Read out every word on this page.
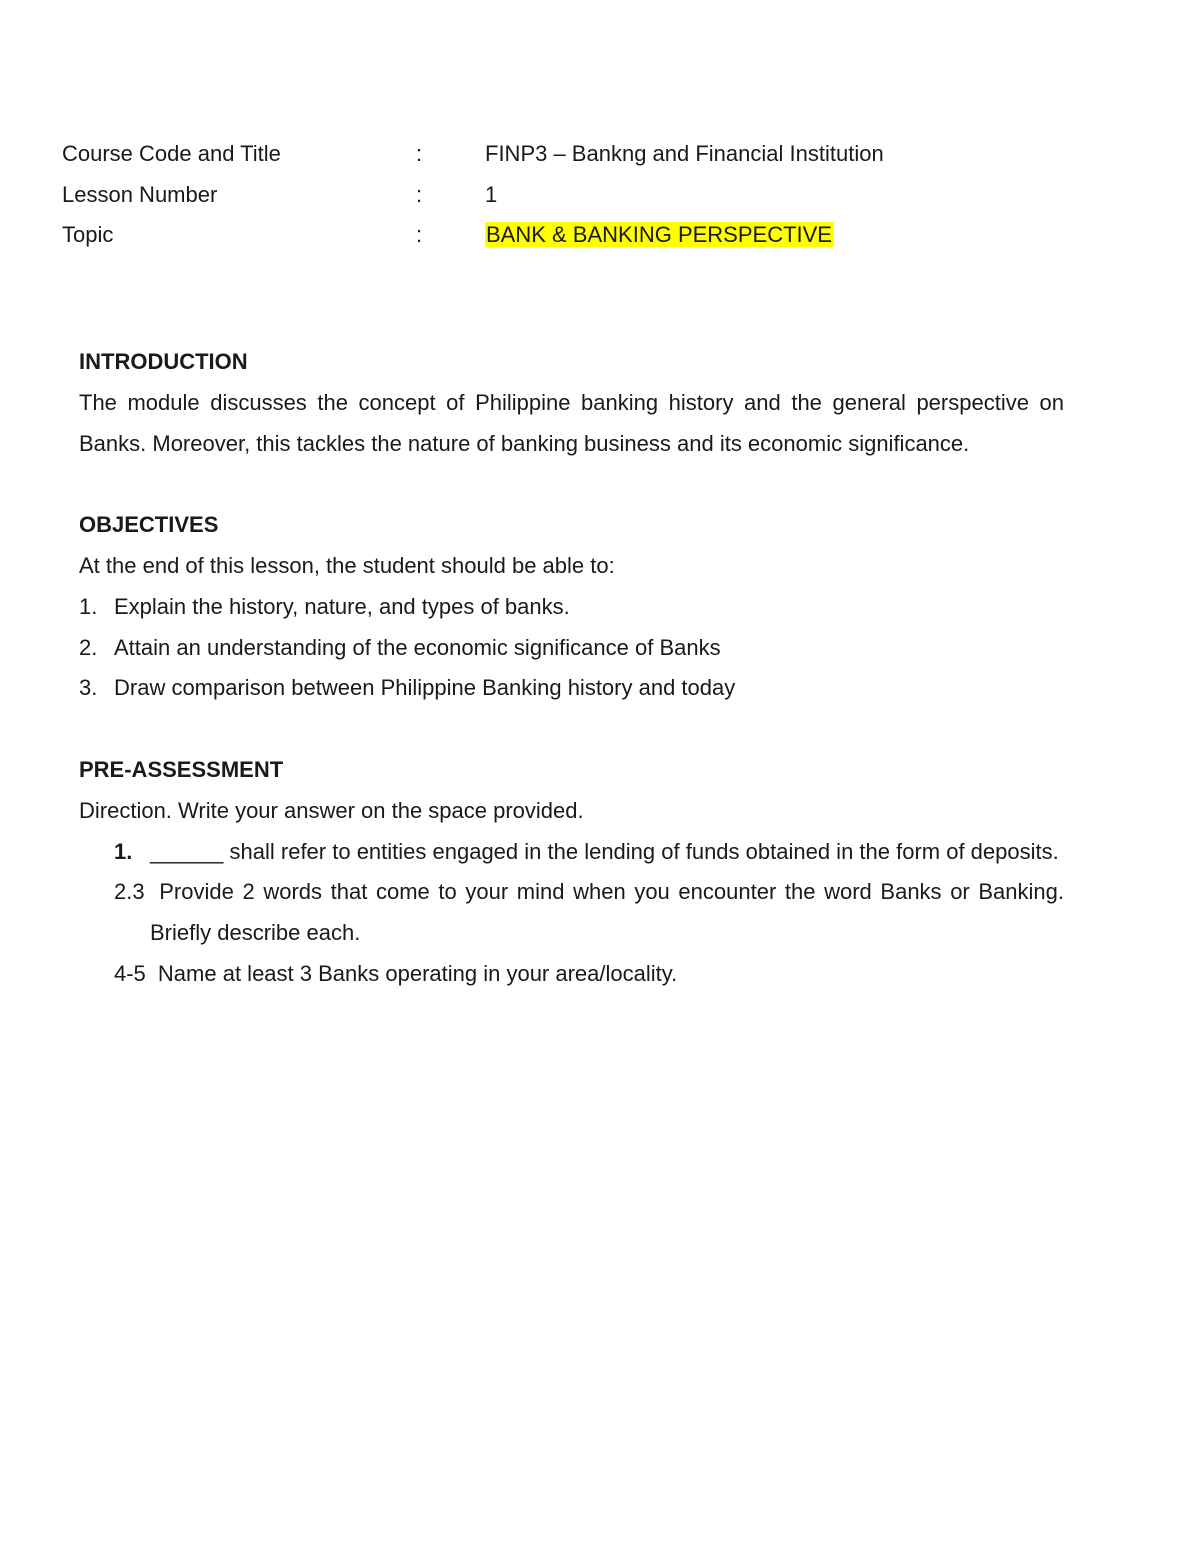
Course Code and Title	:	FINP3 – Bankng and Financial Institution
Lesson Number	:	1
Topic	:	BANK & BANKING PERSPECTIVE
INTRODUCTION

The module discusses the concept of Philippine banking history and the general perspective on Banks. Moreover, this tackles the nature of banking business and its economic significance.

OBJECTIVES

At the end of this lesson, the student should be able to:

1. Explain the history, nature, and types of banks.
2. Attain an understanding of the economic significance of Banks
3. Draw comparison between Philippine Banking history and today
PRE-ASSESSMENT

Direction. Write your answer on the space provided.

1. ______ shall refer to entities engaged in the lending of funds obtained in the form of deposits.
2.3 Provide 2 words that come to your mind when you encounter the word Banks or Banking. Briefly describe each.
4-5 Name at least 3 Banks operating in your area/locality.
